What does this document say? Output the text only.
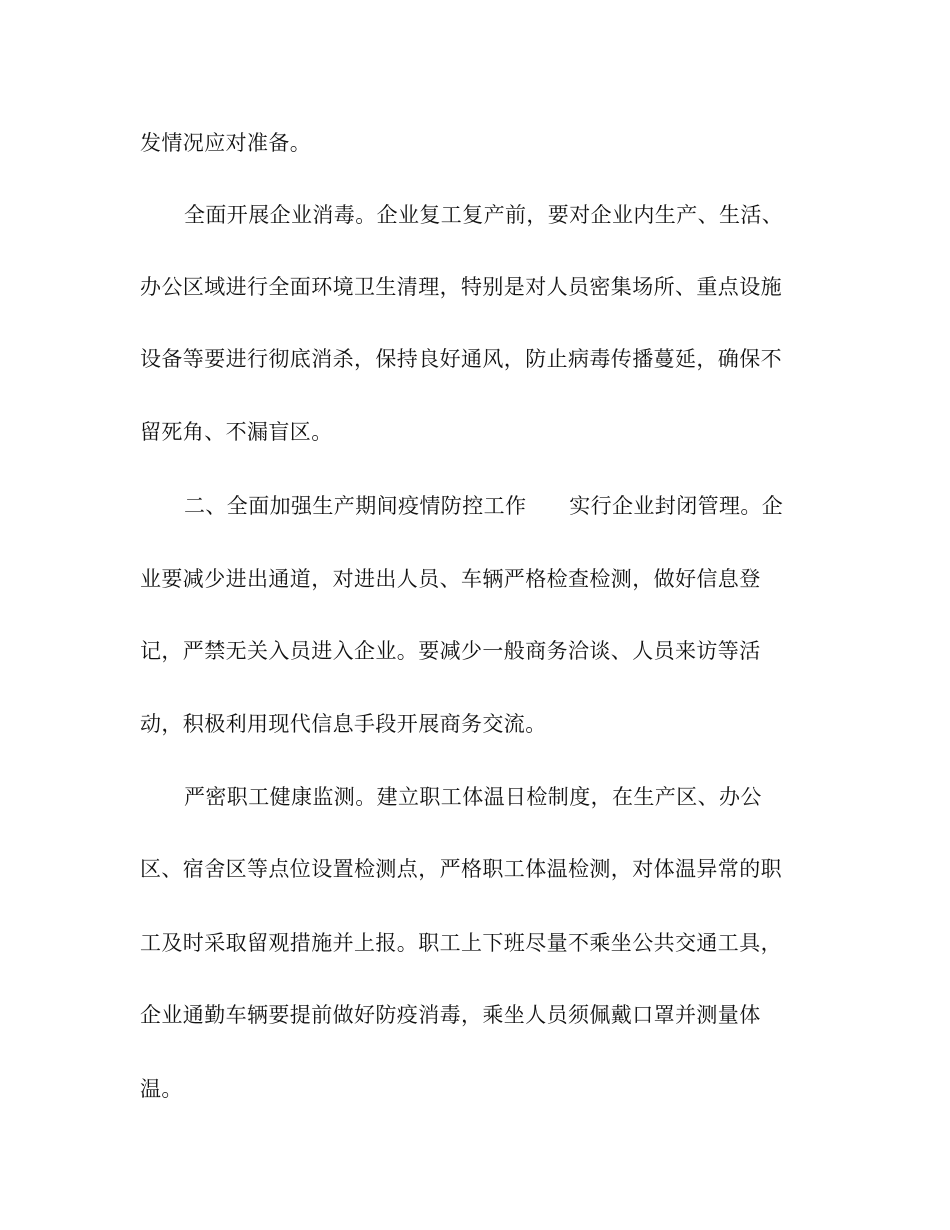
发情况应对准备。
全面开展企业消毒。企业复工复产前，要对企业内生产、生活、
办公区域进行全面环境卫生清理，特别是对人员密集场所、重点设施
设备等要进行彻底消杀，保持良好通风，防止病毒传播蔓延，确保不
留死角、不漏盲区。
二、全面加强生产期间疫情防控工作　　实行企业封闭管理。企
业要减少进出通道，对进出人员、车辆严格检查检测，做好信息登
记，严禁无关入员进入企业。要减少一般商务洽谈、人员来访等活
动，积极利用现代信息手段开展商务交流。
严密职工健康监测。建立职工体温日检制度，在生产区、办公
区、宿舍区等点位设置检测点，严格职工体温检测，对体温异常的职
工及时采取留观措施并上报。职工上下班尽量不乘坐公共交通工具，
企业通勤车辆要提前做好防疫消毒，乘坐人员须佩戴口罩并测量体
温。
